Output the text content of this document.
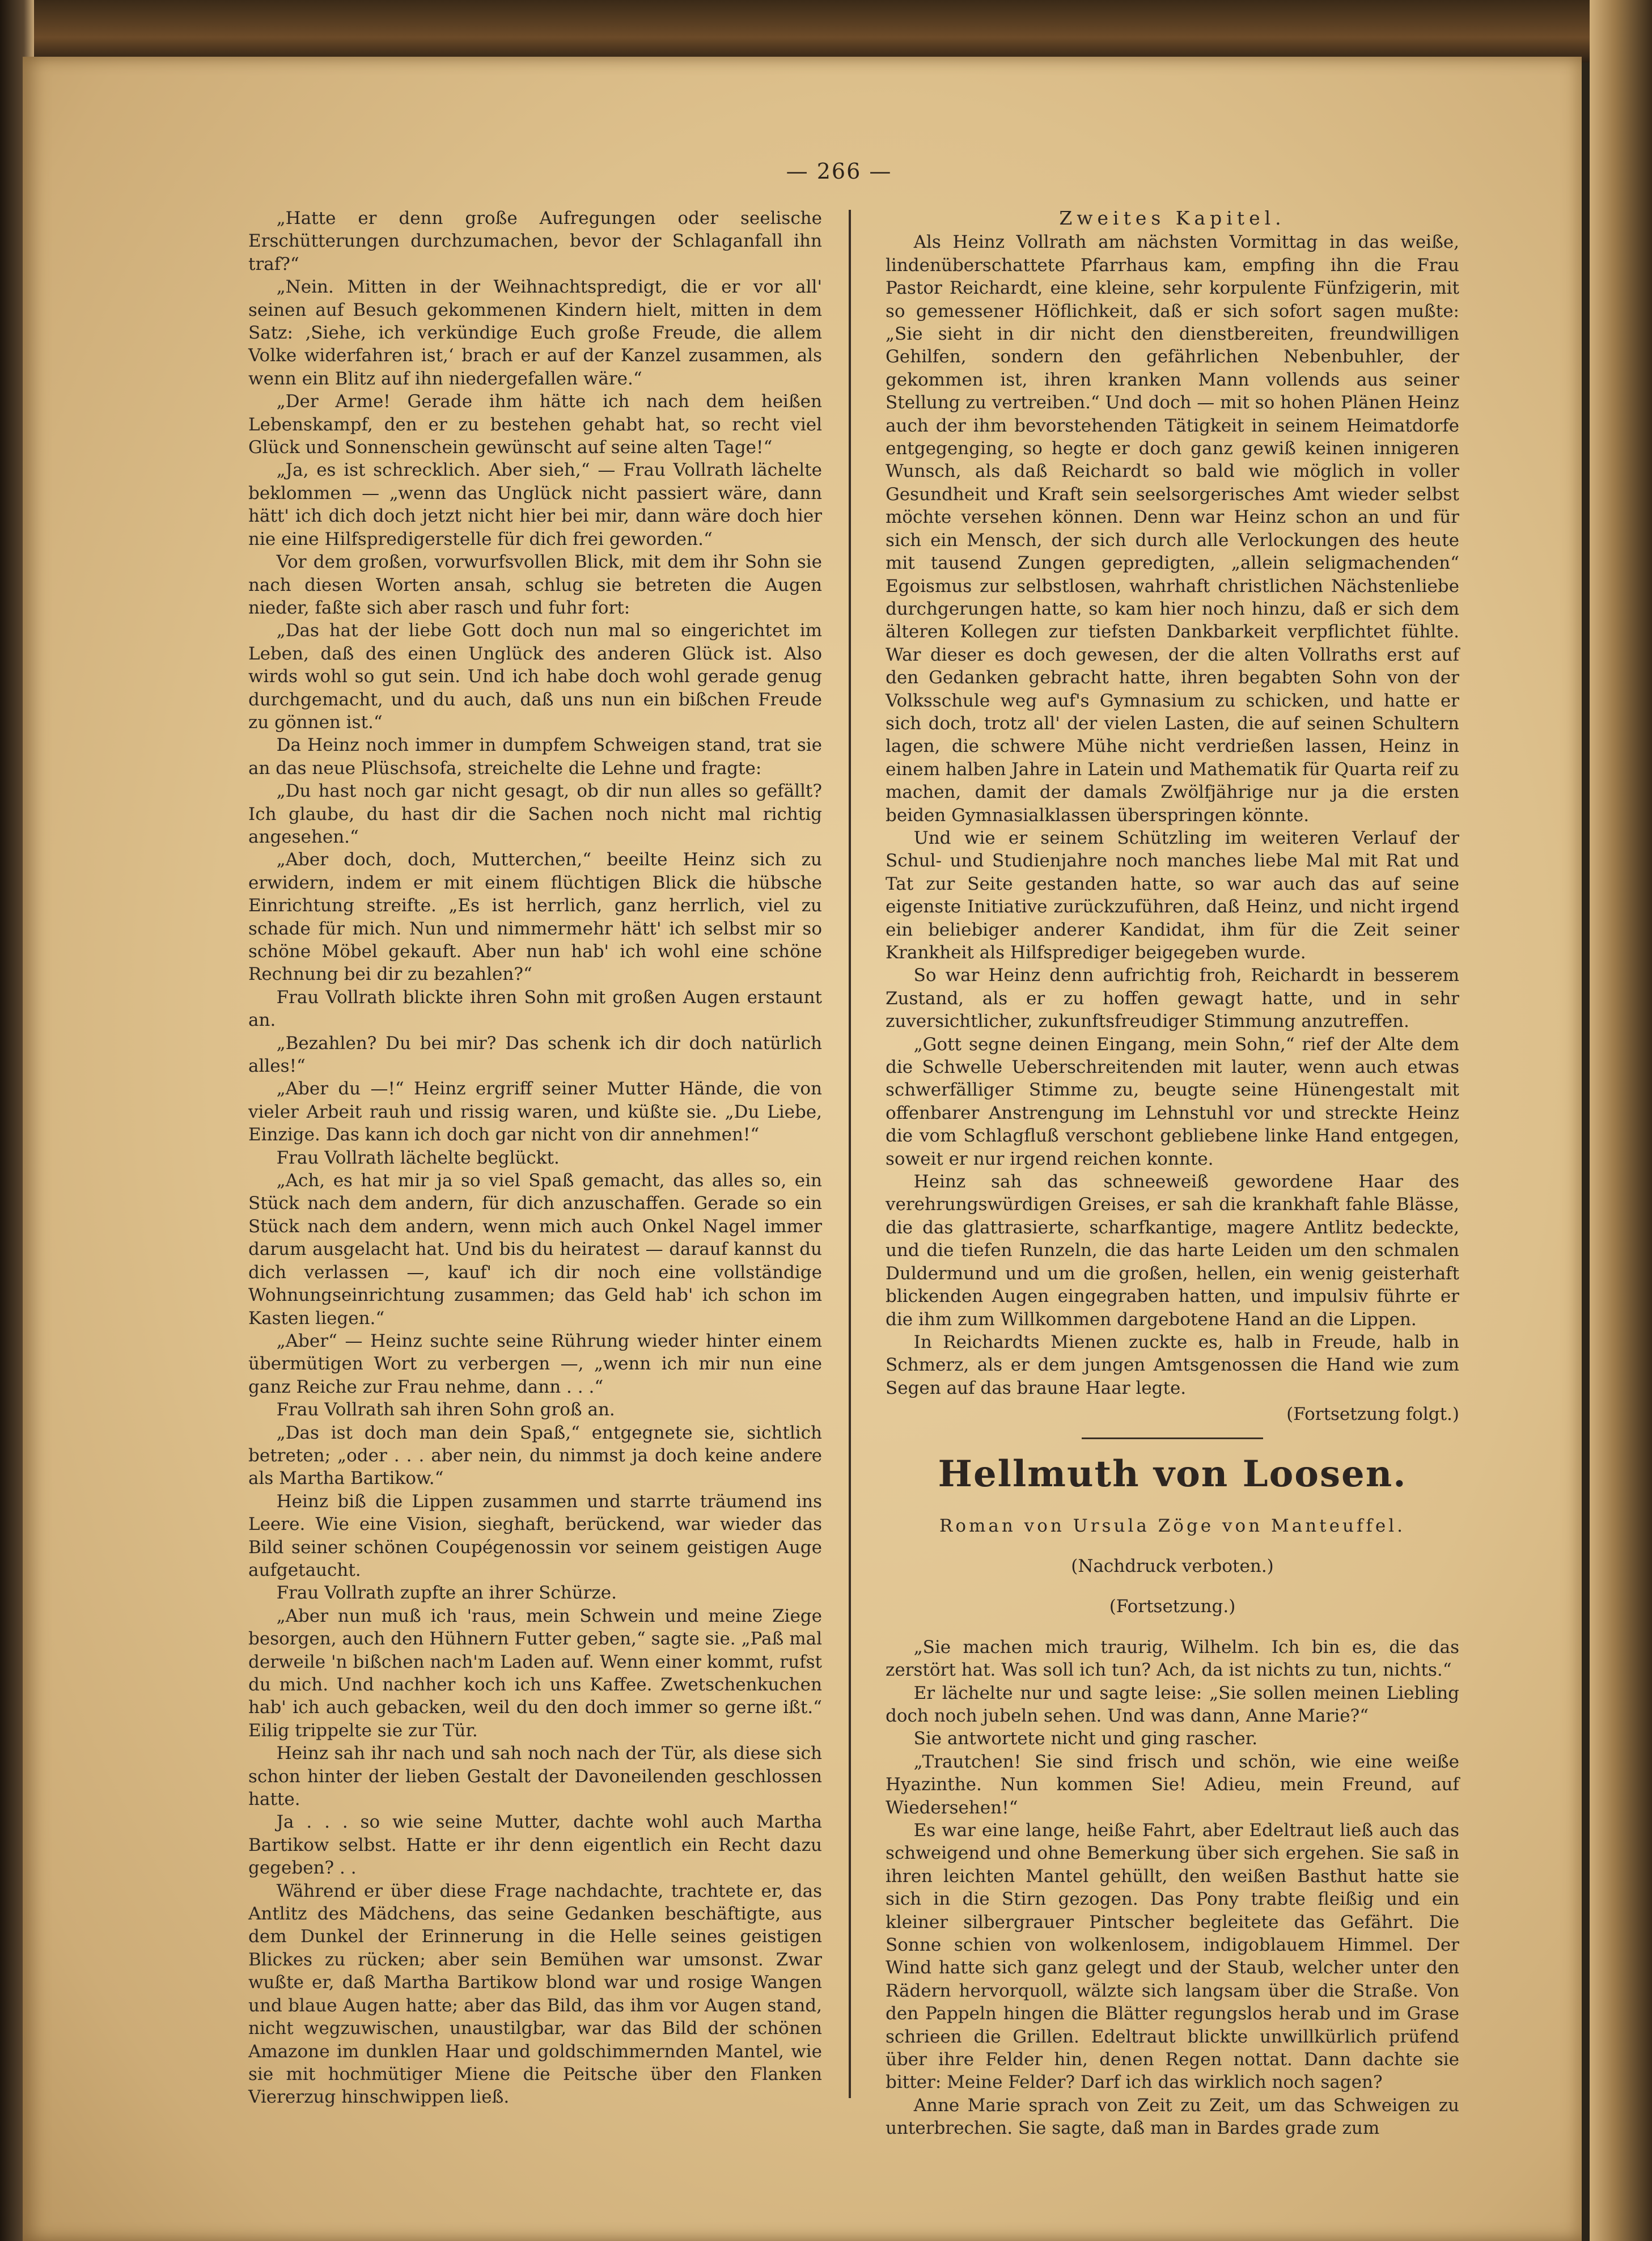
— 266 —

„Hatte er denn große Aufregungen oder seelische Erschütterungen durchzumachen, bevor der Schlaganfall ihn traf?“

„Nein. Mitten in der Weihnachtspredigt, die er vor all' seinen auf Besuch gekommenen Kindern hielt, mitten in dem Satz: ‚Siehe, ich verkündige Euch große Freude, die allem Volke widerfahren ist,‘ brach er auf der Kanzel zusammen, als wenn ein Blitz auf ihn niedergefallen wäre.“

„Der Arme! Gerade ihm hätte ich nach dem heißen Lebenskampf, den er zu bestehen gehabt hat, so recht viel Glück und Sonnenschein gewünscht auf seine alten Tage!“

„Ja, es ist schrecklich. Aber sieh,“ — Frau Vollrath lächelte beklommen — „wenn das Unglück nicht passiert wäre, dann hätt' ich dich doch jetzt nicht hier bei mir, dann wäre doch hier nie eine Hilfspredigerstelle für dich frei geworden.“

Vor dem großen, vorwurfsvollen Blick, mit dem ihr Sohn sie nach diesen Worten ansah, schlug sie betreten die Augen nieder, faßte sich aber rasch und fuhr fort:

„Das hat der liebe Gott doch nun mal so eingerichtet im Leben, daß des einen Unglück des anderen Glück ist. Also wirds wohl so gut sein. Und ich habe doch wohl gerade genug durchgemacht, und du auch, daß uns nun ein bißchen Freude zu gönnen ist.“

Da Heinz noch immer in dumpfem Schweigen stand, trat sie an das neue Plüschsofa, streichelte die Lehne und fragte:

„Du hast noch gar nicht gesagt, ob dir nun alles so gefällt? Ich glaube, du hast dir die Sachen noch nicht mal richtig angesehen.“

„Aber doch, doch, Mutterchen,“ beeilte Heinz sich zu erwidern, indem er mit einem flüchtigen Blick die hübsche Einrichtung streifte. „Es ist herrlich, ganz herrlich, viel zu schade für mich. Nun und nimmermehr hätt' ich selbst mir so schöne Möbel gekauft. Aber nun hab' ich wohl eine schöne Rechnung bei dir zu bezahlen?“

Frau Vollrath blickte ihren Sohn mit großen Augen erstaunt an.

„Bezahlen? Du bei mir? Das schenk ich dir doch natürlich alles!“

„Aber du —!“ Heinz ergriff seiner Mutter Hände, die von vieler Arbeit rauh und rissig waren, und küßte sie. „Du Liebe, Einzige. Das kann ich doch gar nicht von dir annehmen!“

Frau Vollrath lächelte beglückt.

„Ach, es hat mir ja so viel Spaß gemacht, das alles so, ein Stück nach dem andern, für dich anzuschaffen. Gerade so ein Stück nach dem andern, wenn mich auch Onkel Nagel immer darum ausgelacht hat. Und bis du heiratest — darauf kannst du dich verlassen —, kauf' ich dir noch eine vollständige Wohnungseinrichtung zusammen; das Geld hab' ich schon im Kasten liegen.“

„Aber“ — Heinz suchte seine Rührung wieder hinter einem übermütigen Wort zu verbergen —, „wenn ich mir nun eine ganz Reiche zur Frau nehme, dann . . .“

Frau Vollrath sah ihren Sohn groß an.

„Das ist doch man dein Spaß,“ entgegnete sie, sichtlich betreten; „oder . . . aber nein, du nimmst ja doch keine andere als Martha Bartikow.“

Heinz biß die Lippen zusammen und starrte träumend ins Leere. Wie eine Vision, sieghaft, berückend, war wieder das Bild seiner schönen Coupégenossin vor seinem geistigen Auge aufgetaucht.

Frau Vollrath zupfte an ihrer Schürze.

„Aber nun muß ich 'raus, mein Schwein und meine Ziege besorgen, auch den Hühnern Futter geben,“ sagte sie. „Paß mal derweile 'n bißchen nach'm Laden auf. Wenn einer kommt, rufst du mich. Und nachher koch ich uns Kaffee. Zwetschenkuchen hab' ich auch gebacken, weil du den doch immer so gerne ißt.“ Eilig trippelte sie zur Tür.

Heinz sah ihr nach und sah noch nach der Tür, als diese sich schon hinter der lieben Gestalt der Davoneilenden geschlossen hatte.

Ja . . . so wie seine Mutter, dachte wohl auch Martha Bartikow selbst. Hatte er ihr denn eigentlich ein Recht dazu gegeben? . .

Während er über diese Frage nachdachte, trachtete er, das Antlitz des Mädchens, das seine Gedanken beschäftigte, aus dem Dunkel der Erinnerung in die Helle seines geistigen Blickes zu rücken; aber sein Bemühen war umsonst. Zwar wußte er, daß Martha Bartikow blond war und rosige Wangen und blaue Augen hatte; aber das Bild, das ihm vor Augen stand, nicht wegzuwischen, unaustilgbar, war das Bild der schönen Amazone im dunklen Haar und goldschimmernden Mantel, wie sie mit hochmütiger Miene die Peitsche über den Flanken Viererzug hinschwippen ließ.

Zweites Kapitel.

Als Heinz Vollrath am nächsten Vormittag in das weiße, lindenüberschattete Pfarrhaus kam, empfing ihn die Frau Pastor Reichardt, eine kleine, sehr korpulente Fünfzigerin, mit so gemessener Höflichkeit, daß er sich sofort sagen mußte: „Sie sieht in dir nicht den dienstbereiten, freundwilligen Gehilfen, sondern den gefährlichen Nebenbuhler, der gekommen ist, ihren kranken Mann vollends aus seiner Stellung zu vertreiben.“ Und doch — mit so hohen Plänen Heinz auch der ihm bevorstehenden Tätigkeit in seinem Heimatdorfe entgegenging, so hegte er doch ganz gewiß keinen innigeren Wunsch, als daß Reichardt so bald wie möglich in voller Gesundheit und Kraft sein seelsorgerisches Amt wieder selbst möchte versehen können. Denn war Heinz schon an und für sich ein Mensch, der sich durch alle Verlockungen des heute mit tausend Zungen gepredigten, „allein seligmachenden“ Egoismus zur selbstlosen, wahrhaft christlichen Nächstenliebe durchgerungen hatte, so kam hier noch hinzu, daß er sich dem älteren Kollegen zur tiefsten Dankbarkeit verpflichtet fühlte. War dieser es doch gewesen, der die alten Vollraths erst auf den Gedanken gebracht hatte, ihren begabten Sohn von der Volksschule weg auf's Gymnasium zu schicken, und hatte er sich doch, trotz all' der vielen Lasten, die auf seinen Schultern lagen, die schwere Mühe nicht verdrießen lassen, Heinz in einem halben Jahre in Latein und Mathematik für Quarta reif zu machen, damit der damals Zwölfjährige nur ja die ersten beiden Gymnasialklassen überspringen könnte.

Und wie er seinem Schützling im weiteren Verlauf der Schul- und Studienjahre noch manches liebe Mal mit Rat und Tat zur Seite gestanden hatte, so war auch das auf seine eigenste Initiative zurückzuführen, daß Heinz, und nicht irgend ein beliebiger anderer Kandidat, ihm für die Zeit seiner Krankheit als Hilfsprediger beigegeben wurde.

So war Heinz denn aufrichtig froh, Reichardt in besserem Zustand, als er zu hoffen gewagt hatte, und in sehr zuversichtlicher, zukunftsfreudiger Stimmung anzutreffen.

„Gott segne deinen Eingang, mein Sohn,“ rief der Alte dem die Schwelle Ueberschreitenden mit lauter, wenn auch etwas schwerfälliger Stimme zu, beugte seine Hünengestalt mit offenbarer Anstrengung im Lehnstuhl vor und streckte Heinz die vom Schlagfluß verschont gebliebene linke Hand entgegen, soweit er nur irgend reichen konnte.

Heinz sah das schneeweiß gewordene Haar des verehrungswürdigen Greises, er sah die krankhaft fahle Blässe, die das glattrasierte, scharfkantige, magere Antlitz bedeckte, und die tiefen Runzeln, die das harte Leiden um den schmalen Duldermund und um die großen, hellen, ein wenig geisterhaft blickenden Augen eingegraben hatten, und impulsiv führte er die ihm zum Willkommen dargebotene Hand an die Lippen.

In Reichardts Mienen zuckte es, halb in Freude, halb in Schmerz, als er dem jungen Amtsgenossen die Hand wie zum Segen auf das braune Haar legte.

(Fortsetzung folgt.)

Hellmuth von Loosen.

Roman von Ursula Zöge von Manteuffel.

(Nachdruck verboten.)

(Fortsetzung.)

„Sie machen mich traurig, Wilhelm. Ich bin es, die das zerstört hat. Was soll ich tun? Ach, da ist nichts zu tun, nichts.“

Er lächelte nur und sagte leise: „Sie sollen meinen Liebling doch noch jubeln sehen. Und was dann, Anne Marie?“

Sie antwortete nicht und ging rascher.

„Trautchen! Sie sind frisch und schön, wie eine weiße Hyazinthe. Nun kommen Sie! Adieu, mein Freund, auf Wiedersehen!“

Es war eine lange, heiße Fahrt, aber Edeltraut ließ auch das schweigend und ohne Bemerkung über sich ergehen. Sie saß in ihren leichten Mantel gehüllt, den weißen Basthut hatte sie sich in die Stirn gezogen. Das Pony trabte fleißig und ein kleiner silbergrauer Pintscher begleitete das Gefährt. Die Sonne schien von wolkenlosem, indigoblauem Himmel. Der Wind hatte sich ganz gelegt und der Staub, welcher unter den Rädern hervorquoll, wälzte sich langsam über die Straße. Von den Pappeln hingen die Blätter regungslos herab und im Grase schrieen die Grillen. Edeltraut blickte unwillkürlich prüfend über ihre Felder hin, denen Regen nottat. Dann dachte sie bitter: Meine Felder? Darf ich das wirklich noch sagen?

Anne Marie sprach von Zeit zu Zeit, um das Schweigen zu unterbrechen. Sie sagte, daß man in Bardes grade zum
